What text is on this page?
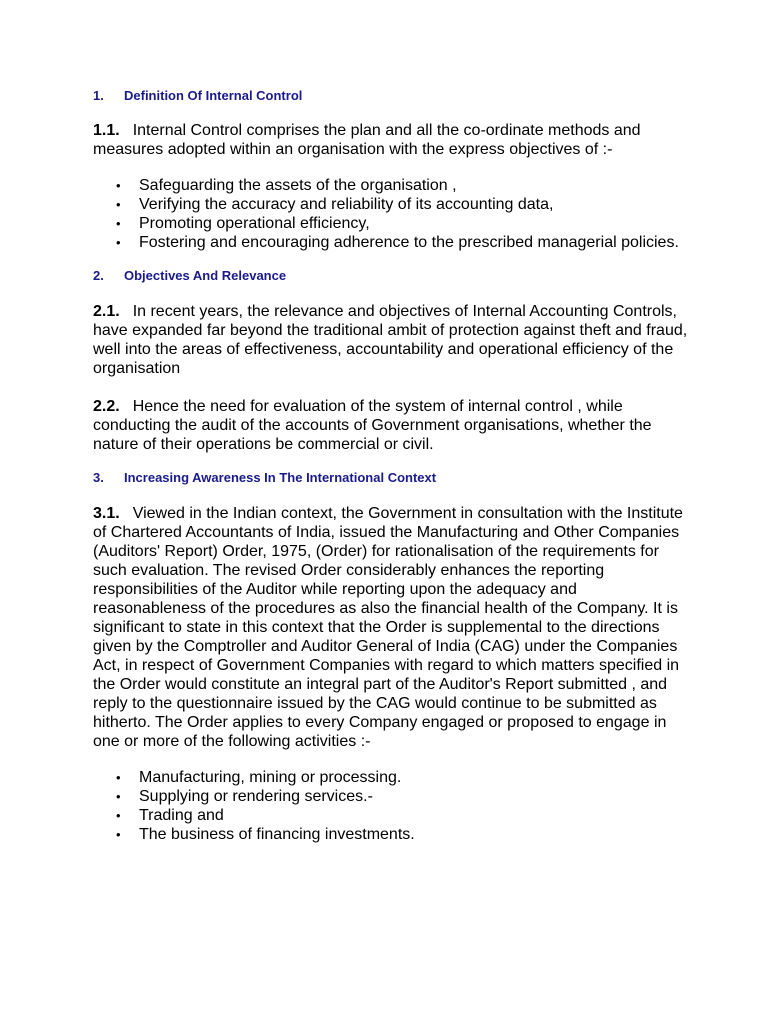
1. Definition Of Internal Control

1.1. Internal Control comprises the plan and all the co-ordinate methods and measures adopted within an organisation with the express objectives of :-

• Safeguarding the assets of the organisation ,
• Verifying the accuracy and reliability of its accounting data,
• Promoting operational efficiency,
• Fostering and encouraging adherence to the prescribed managerial policies.
2. Objectives And Relevance

2.1. In recent years, the relevance and objectives of Internal Accounting Controls, have expanded far beyond the traditional ambit of protection against theft and fraud, well into the areas of effectiveness, accountability and operational efficiency of the organisation

2.2. Hence the need for evaluation of the system of internal control , while conducting the audit of the accounts of Government organisations, whether the nature of their operations be commercial or civil.

3. Increasing Awareness In The International Context

3.1. Viewed in the Indian context, the Government in consultation with the Institute of Chartered Accountants of India, issued the Manufacturing and Other Companies (Auditors' Report) Order, 1975, (Order) for rationalisation of the requirements for such evaluation. The revised Order considerably enhances the reporting responsibilities of the Auditor while reporting upon the adequacy and reasonableness of the procedures as also the financial health of the Company. It is significant to state in this context that the Order is supplemental to the directions given by the Comptroller and Auditor General of India (CAG) under the Companies Act, in respect of Government Companies with regard to which matters specified in the Order would constitute an integral part of the Auditor's Report submitted , and reply to the questionnaire issued by the CAG would continue to be submitted as hitherto. The Order applies to every Company engaged or proposed to engage in one or more of the following activities :-

• Manufacturing, mining or processing.
• Supplying or rendering services.-
• Trading and
• The business of financing investments.
